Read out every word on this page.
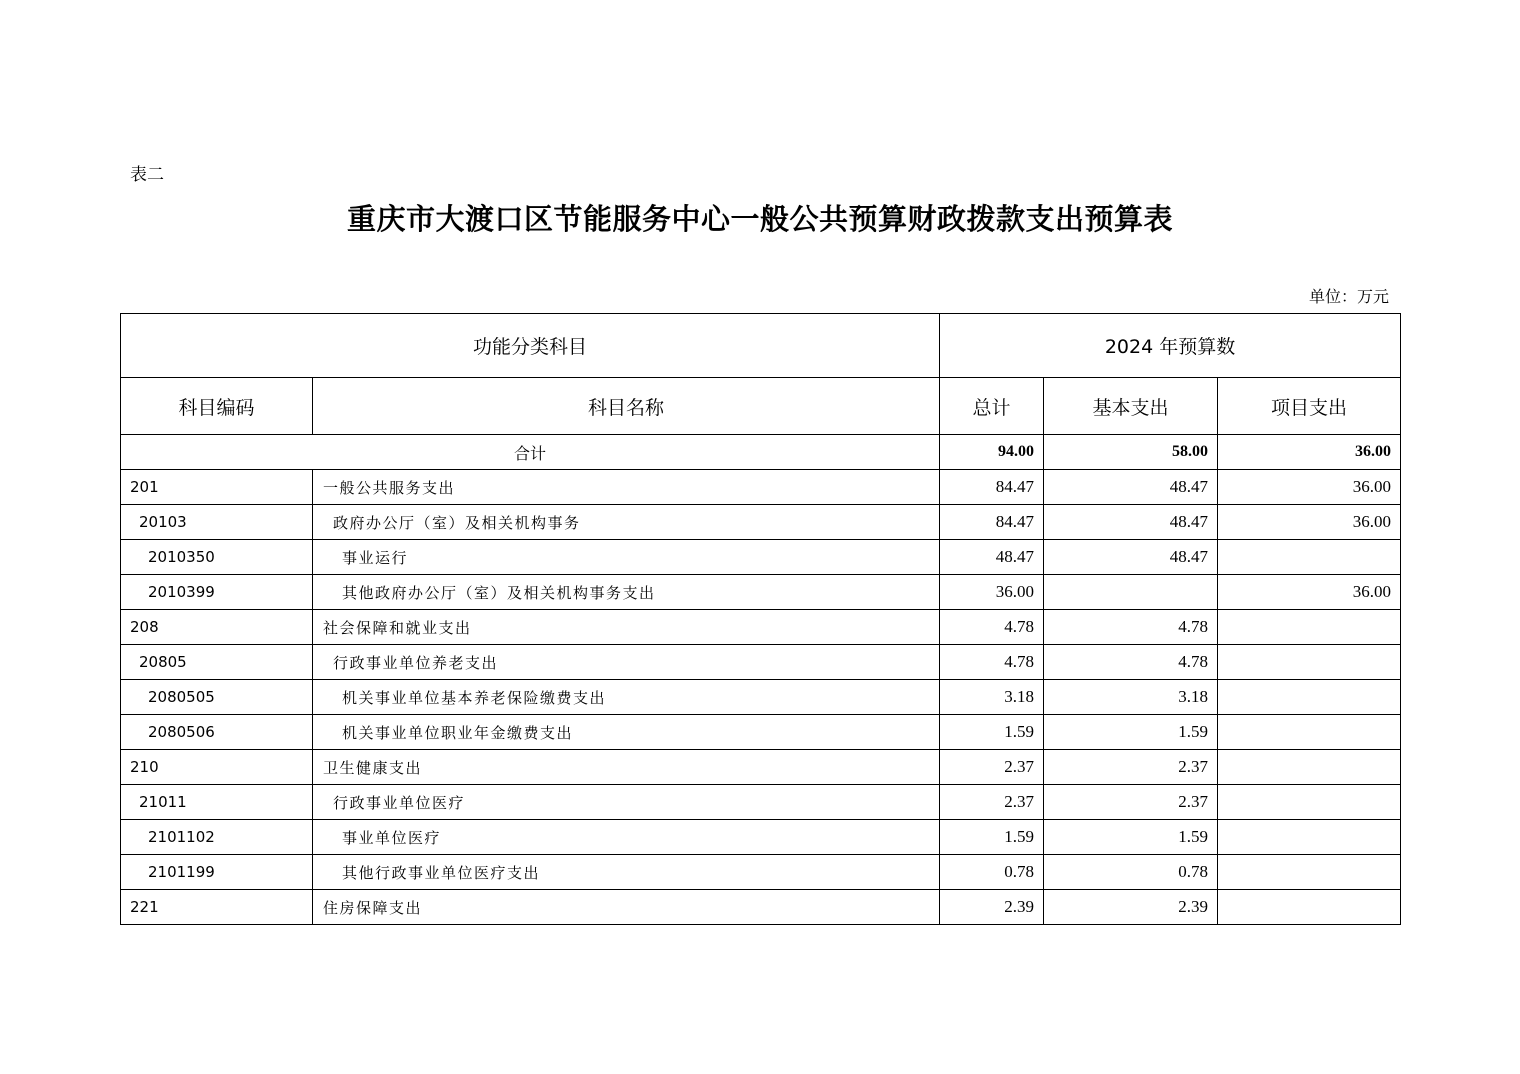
表二
重庆市大渡口区节能服务中心一般公共预算财政拨款支出预算表
单位：万元
功能分类科目		2024 年预算数		
科目编码	科目名称	总计	基本支出	项目支出
合计		94.00	58.00	36.00
201	一般公共服务支出	84.47	48.47	36.00
20103	政府办公厅（室）及相关机构事务	84.47	48.47	36.00
2010350	事业运行	48.47	48.47	
2010399	其他政府办公厅（室）及相关机构事务支出	36.00		36.00
208	社会保障和就业支出	4.78	4.78	
20805	行政事业单位养老支出	4.78	4.78	
2080505	机关事业单位基本养老保险缴费支出	3.18	3.18	
2080506	机关事业单位职业年金缴费支出	1.59	1.59	
210	卫生健康支出	2.37	2.37	
21011	行政事业单位医疗	2.37	2.37	
2101102	事业单位医疗	1.59	1.59	
2101199	其他行政事业单位医疗支出	0.78	0.78	
221	住房保障支出	2.39	2.39	
